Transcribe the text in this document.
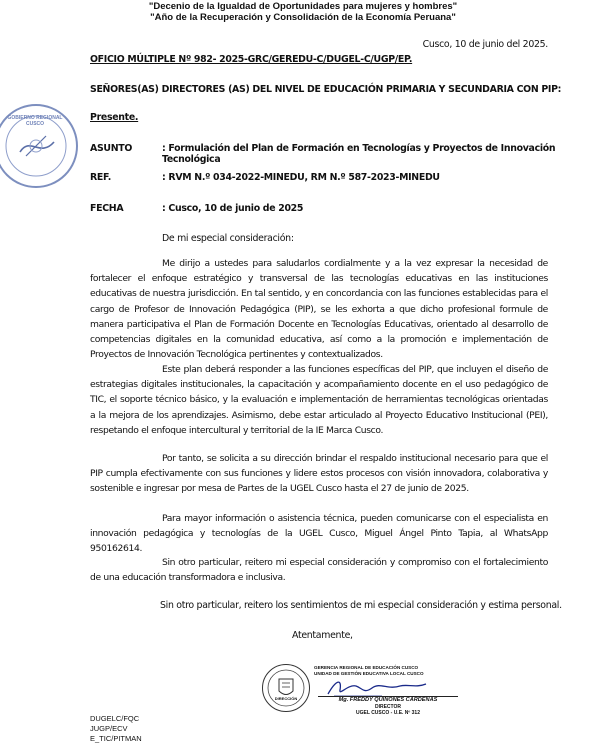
"Decenio de la Igualdad de Oportunidades para mujeres y hombres"
"Año de la Recuperación y Consolidación de la Economía Peruana"
Cusco, 10 de junio del 2025.
OFICIO MÚLTIPLE Nº 982- 2025-GRC/GEREDU-C/DUGEL-C/UGP/EP.
SEÑORES(AS) DIRECTORES (AS) DEL NIVEL DE EDUCACIÓN PRIMARIA Y SECUNDARIA CON PIP:
Presente.
GOBIERNO REGIONAL CUSCO
ASUNTO	: Formulación del Plan de Formación en Tecnologías y Proyectos de Innovación Tecnológica
REF.	: RVM N.º 034-2022-MINEDU, RM N.º 587-2023-MINEDU
FECHA	: Cusco, 10 de junio de 2025
De mi especial consideración:
Me dirijo a ustedes para saludarlos cordialmente y a la vez expresar la necesidad de fortalecer el enfoque estratégico y transversal de las tecnologías educativas en las instituciones educativas de nuestra jurisdicción. En tal sentido, y en concordancia con las funciones establecidas para el cargo de Profesor de Innovación Pedagógica (PIP), se les exhorta a que dicho profesional formule de manera participativa el Plan de Formación Docente en Tecnologías Educativas, orientado al desarrollo de competencias digitales en la comunidad educativa, así como a la promoción e implementación de Proyectos de Innovación Tecnológica pertinentes y contextualizados.
Este plan deberá responder a las funciones específicas del PIP, que incluyen el diseño de estrategias digitales institucionales, la capacitación y acompañamiento docente en el uso pedagógico de TIC, el soporte técnico básico, y la evaluación e implementación de herramientas tecnológicas orientadas a la mejora de los aprendizajes. Asimismo, debe estar articulado al Proyecto Educativo Institucional (PEI), respetando el enfoque intercultural y territorial de la IE Marca Cusco.
Por tanto, se solicita a su dirección brindar el respaldo institucional necesario para que el PIP cumpla efectivamente con sus funciones y lidere estos procesos con visión innovadora, colaborativa y sostenible e ingresar por mesa de Partes de la UGEL Cusco hasta el 27 de junio de 2025.
Para mayor información o asistencia técnica, pueden comunicarse con el especialista en innovación pedagógica y tecnologías de la UGEL Cusco, Miguel Ángel Pinto Tapia, al WhatsApp 950162614.
Sin otro particular, reitero mi especial consideración y compromiso con el fortalecimiento de una educación transformadora e inclusiva.
Sin otro particular, reitero los sentimientos de mi especial consideración y estima personal.
Atentamente,
DIRECCIÓN
GERENCIA REGIONAL DE EDUCACIÓN CUSCO
UNIDAD DE GESTIÓN EDUCATIVA LOCAL CUSCO
Mg. FREDDY QUIÑONES CÁRDENAS
DIRECTOR
UGEL CUSCO - U.E. Nº 312
DUGELC/FQC
JUGP/ECV
E_TIC/PITMAN
